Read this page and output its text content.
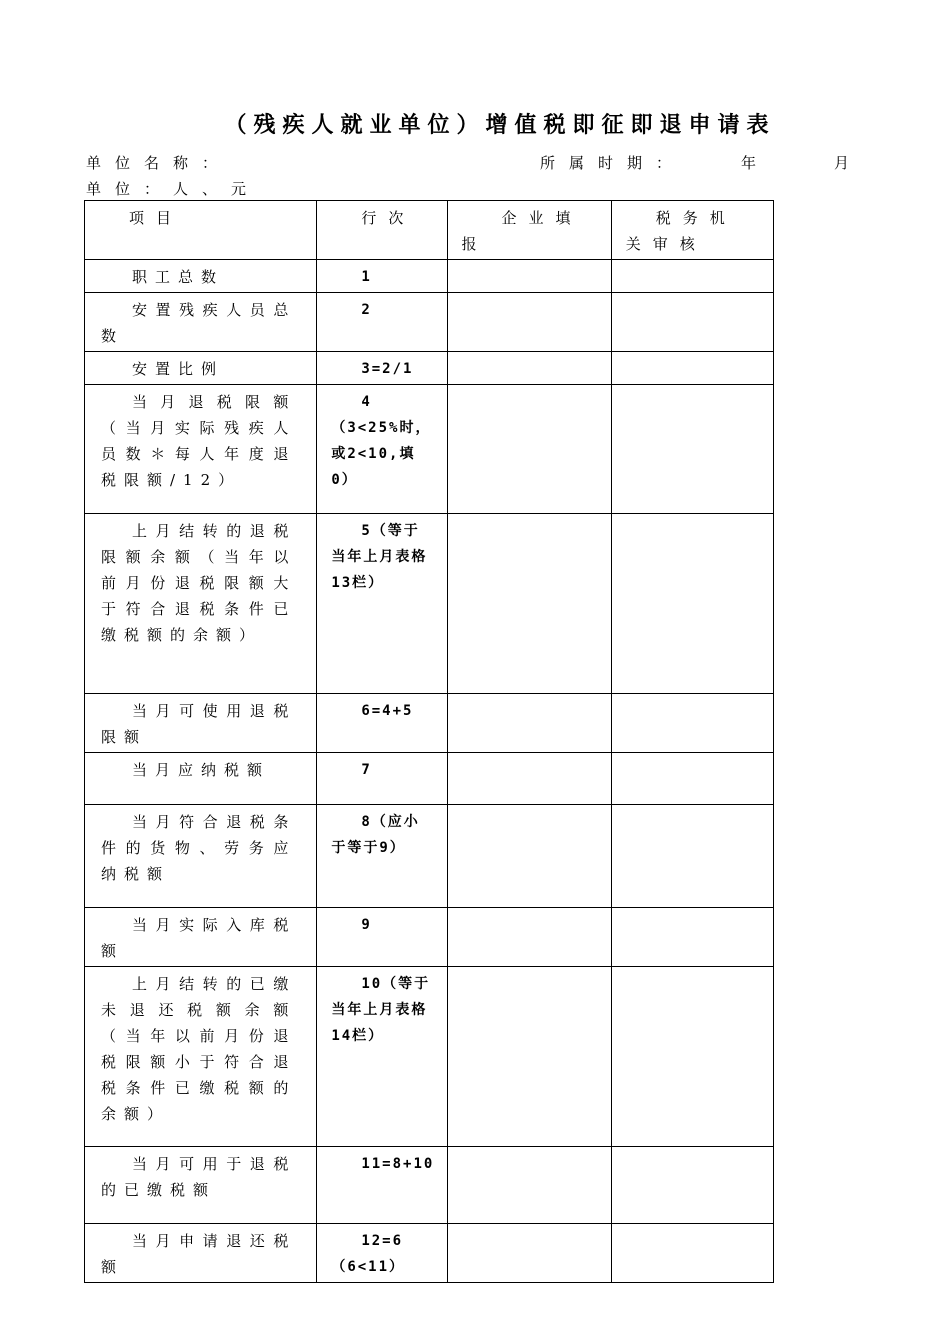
（残疾人就业单位）增值税即征即退申请表
单位名称：	所属时期：	年	月
单位：人、元
项目	行次	企业填报	税务机关审核

职工总数	1		

安置残疾人员总数	2		

安置比例	3=2/1		

当月退税限额（当月实际残疾人员数＊每人年度退税限额/12）	4（3<25%时，或2<10,填0）		

上月结转的退税限额余额（当年以前月份退税限额大于符合退税条件已缴税额的余额）	5（等于当年上月表格13栏）		

当月可使用退税限额	6=4+5		

当月应纳税额	7		

当月符合退税条件的货物、劳务应纳税额	8（应小于等于9）		

当月实际入库税额	9		

上月结转的已缴未退还税额余额（当年以前月份退税限额小于符合退税条件已缴税额的余额）	10（等于当年上月表格14栏）		

当月可用于退税的已缴税额	11=8+10		

当月申请退还税额	12=6（6<11）		
